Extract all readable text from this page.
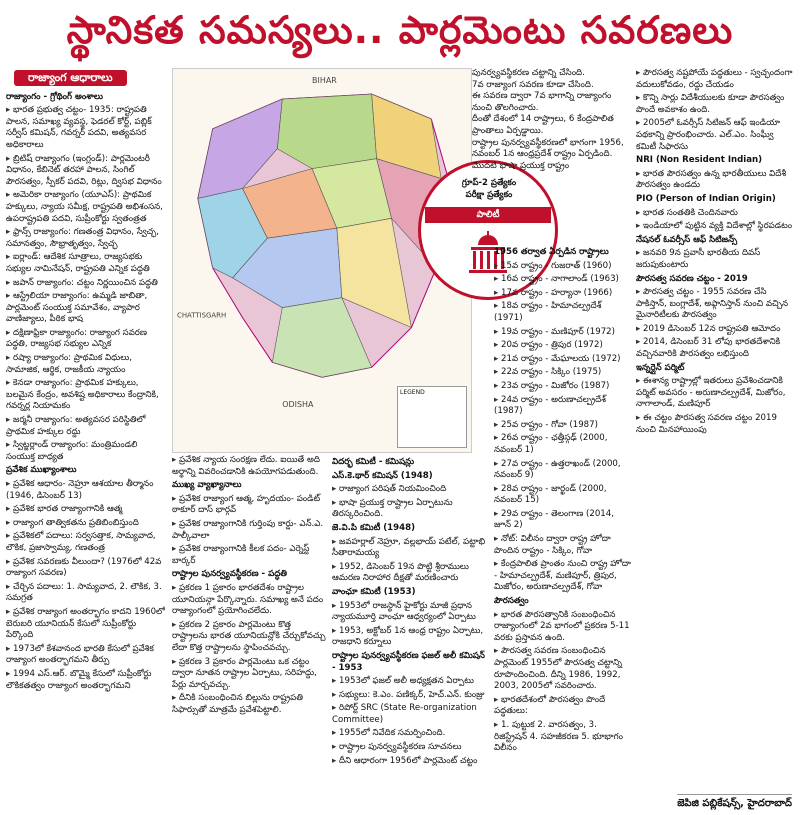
స్థానికత సమస్యలు.. పార్లమెంటు సవరణలు
రాజ్యాంగ ఆధారాలు

రాజ్యాంగం - గ్రోథింగ్ అంశాలు

▸ భారత ప్రభుత్వ చట్టం- 1935: రాష్ట్రపతి పాలన, సమాఖ్య వ్యవస్థ, ఫెడరల్ కోర్ట్, పబ్లిక్ సర్వీస్ కమిషన్, గవర్నర్ పదవి, అత్యవసర అధికారాలు

▸ బ్రిటిష్ రాజ్యాంగం (ఇంగ్లండ్): పార్లమెంటరీ విధానం, కేబినెట్ తరహా పాలన, సింగిల్ పౌరసత్వం, స్పీకర్ పదవి, రిట్లు, ద్విసభ విధానం

▸ అమెరికా రాజ్యాంగం (యూఎస్): ప్రాథమిక హక్కులు, న్యాయ సమీక్ష, రాష్ట్రపతి అభిశంసన, ఉపరాష్ట్రపతి పదవి, సుప్రీంకోర్టు స్వతంత్రత

▸ ఫ్రాన్స్ రాజ్యాంగం: గణతంత్ర విధానం, స్వేచ్ఛ, సమానత్వం, సౌభ్రాతృత్వం, స్వేచ్ఛ

▸ ఐర్లాండ్: ఆదేశిక సూత్రాలు, రాజ్యసభకు సభ్యుల నామినేషన్, రాష్ట్రపతి ఎన్నిక పద్ధతి

▸ జపాన్ రాజ్యాంగం: చట్టం నిర్ణయించిన పద్ధతి

▸ ఆస్ట్రేలియా రాజ్యాంగం: ఉమ్మడి జాబితా, పార్లమెంట్ సంయుక్త సమావేశం, వ్యాపార వాణిజ్యాలు, పీఠిక భాష

▸ దక్షిణాఫ్రికా రాజ్యాంగం: రాజ్యాంగ సవరణ పద్ధతి, రాజ్యసభ సభ్యుల ఎన్నిక

▸ రష్యా రాజ్యాంగం: ప్రాథమిక విధులు, సామాజిక, ఆర్థిక, రాజకీయ న్యాయం

▸ కెనడా రాజ్యాంగం: ప్రాథమిక హక్కులు, బలమైన కేంద్రం, అవశిష్ట అధికారాలు కేంద్రానికి, గవర్నర్ల నియామకం

▸ జర్మనీ రాజ్యాంగం: అత్యవసర పరిస్థితిలో ప్రాథమిక హక్కుల రద్దు

▸ స్విట్జర్లాండ్ రాజ్యాంగం: మంత్రిమండలి సంయుక్త బాధ్యత

ప్రవేశిక ముఖ్యాంశాలు

▸ ప్రవేశిక ఆధారం- నెహ్రూ ఆశయాల తీర్మానం (1946, డిసెంబర్ 13)

▸ ప్రవేశిక భారత రాజ్యాంగానికి ఆత్మ

▸ రాజ్యాంగ తాత్వికతను ప్రతిబింబిస్తుంది

▸ ప్రవేశికలో పదాలు: సర్వసత్తాక, సామ్యవాద, లౌకిక, ప్రజాస్వామ్య, గణతంత్ర

▸ ప్రవేశిక సవరణకు వీలుందా? (1976లో 42వ రాజ్యాంగ సవరణ)

▸ చేర్చిన పదాలు: 1. సామ్యవాద, 2. లౌకిక, 3. సమగ్రత

▸ ప్రవేశిక రాజ్యాంగ అంతర్భాగం కాదని 1960లో బెరుబరి యూనియన్ కేసులో సుప్రీంకోర్టు పేర్కొంది

▸ 1973లో కేశవానంద భారతి కేసులో ప్రవేశిక రాజ్యాంగ అంతర్భాగమని తీర్పు

▸ 1994 ఎస్.ఆర్. బొమ్మై కేసులో సుప్రీంకోర్టు లౌకికతత్వం రాజ్యాంగ అంతర్భాగమని

BIHAR
ODISHA
CHATTISGARH
LEGEND
గ్రూప్-2 ప్రత్యేకం
పరీక్షా ప్రత్యేకం
పాలిటీ

పునర్వ్యవస్థీకరణ చట్టాన్ని చేసింది.

7వ రాజ్యాంగ సవరణ కూడా చేసింది.

ఈ సవరణ ద్వారా 7వ భాగాన్ని రాజ్యాంగం నుంచి తొలగించారు.

దీంతో దేశంలో 14 రాష్ట్రాలు, 6 కేంద్రపాలిత ప్రాంతాలు ఏర్పడ్డాయి.

రాష్ట్రాల పునర్వ్యవస్థీకరణలో భాగంగా 1956, నవంబర్ 1న ఆంధ్రప్రదేశ్ రాష్ట్రం ఏర్పడింది.

మొదటి భాషా ప్రయుక్త రాష్ట్రం

▸ ప్రవేశిక న్యాయ సంరక్షణ లేదు. ఐయితే అది అర్థాన్ని వివరించడానికి ఉపయోగపడుతుంది.

ముఖ్య వ్యాఖ్యానాలు

▸ ప్రవేశిక రాజ్యాంగ ఆత్మ, హృదయం- పండిట్ ఠాకూర్ దాస్ భార్గవ్

▸ ప్రవేశిక రాజ్యాంగానికి గుర్తింపు కార్డు- ఎన్.ఎ. పాల్కీవాలా

▸ ప్రవేశిక రాజ్యాంగానికి కీలక పదం- ఎర్నెస్ట్ బార్కర్

రాష్ట్రాల పునర్వ్యవస్థీకరణ - పద్ధతి

▸ ప్రకరణ 1 ప్రకారం భారతదేశం రాష్ట్రాల యూనియన్గా పేర్కొన్నారు. సమాఖ్య అనే పదం రాజ్యాంగంలో ప్రయోగించలేదు.

▸ ప్రకరణ 2 ప్రకారం పార్లమెంటు కొత్త రాష్ట్రాలను భారత యూనియన్లోకి చేర్చుకోవచ్చు లేదా కొత్త రాష్ట్రాలను స్థాపించవచ్చు.

▸ ప్రకరణ 3 ప్రకారం పార్లమెంటు ఒక చట్టం ద్వారా నూతన రాష్ట్రాల ఏర్పాటు, సరిహద్దు, పేర్లు మార్చవచ్చు.

▸ దీనికి సంబంధించిన బిల్లును రాష్ట్రపతి సిఫార్సుతో మాత్రమే ప్రవేశపెట్టాలి.

విదర్భ కమిటీ - కమిషన్లు

ఎస్.కె.థార్ కమిషన్ (1948)

▸ రాజ్యాంగ పరిషత్ నియమించింది

▸ భాషా ప్రయుక్త రాష్ట్రాల ఏర్పాటును తిరస్కరించింది.

జె.వి.పి కమిటీ (1948)

▸ జవహర్లాల్ నెహ్రూ, వల్లభాయ్ పటేల్, పట్టాభి సీతారామయ్య

▸ 1952, డిసెంబర్ 19న పొట్టి శ్రీరాములు ఆమరణ నిరాహార దీక్షతో మరణించారు

వాంఛూ కమిటీ (1953)

▸ 1953లో రాజస్థాన్ హైకోర్టు మాజీ ప్రధాన న్యాయమూర్తి వాంఛూ ఆధ్వర్యంలో ఏర్పాటు

▸ 1953, అక్టోబర్ 1న ఆంధ్ర రాష్ట్రం ఏర్పాటు, రాజధాని కర్నూలు

రాష్ట్రాల పునర్వ్యవస్థీకరణ ఫజల్ అలీ కమిషన్ - 1953

▸ 1953లో ఫజల్ అలీ అధ్యక్షతన ఏర్పాటు

▸ సభ్యులు: కె.ఎం. పణిక్కర్, హెచ్.ఎన్. కుంజ్రు

▸ రిపోర్ట్ SRC (State Re-organization Committee)

▸ 1955లో నివేదిక సమర్పించింది.

▸ రాష్ట్రాల పునర్వ్యవస్థీకరణ సూచనలు

▸ దీని ఆధారంగా 1956లో పార్లమెంట్ చట్టం

1956 తర్వాత ఏర్పడిన రాష్ట్రాలు

▸ 15వ రాష్ట్రం - గుజరాత్ (1960)

▸ 16వ రాష్ట్రం - నాగాలాండ్ (1963)

▸ 17వ రాష్ట్రం - హర్యానా (1966)

▸ 18వ రాష్ట్రం - హిమాచల్ప్రదేశ్ (1971)

▸ 19వ రాష్ట్రం - మణిపూర్ (1972)

▸ 20వ రాష్ట్రం - త్రిపుర (1972)

▸ 21వ రాష్ట్రం - మేఘాలయ (1972)

▸ 22వ రాష్ట్రం - సిక్కిం (1975)

▸ 23వ రాష్ట్రం - మిజోరం (1987)

▸ 24వ రాష్ట్రం - అరుణాచల్ప్రదేశ్ (1987)

▸ 25వ రాష్ట్రం - గోవా (1987)

▸ 26వ రాష్ట్రం - ఛత్తీస్గఢ్ (2000, నవంబర్ 1)

▸ 27వ రాష్ట్రం - ఉత్తరాఖండ్ (2000, నవంబర్ 9)

▸ 28వ రాష్ట్రం - జార్ఖండ్ (2000, నవంబర్ 15)

▸ 29వ రాష్ట్రం - తెలంగాణ (2014, జూన్ 2)

▸ నోట్: విలీనం ద్వారా రాష్ట్ర హోదా పొందిన రాష్ట్రం - సిక్కిం, గోవా

▸ కేంద్రపాలిత ప్రాంతం నుంచి రాష్ట్ర హోదా - హిమాచల్ప్రదేశ్, మణిపూర్, త్రిపుర, మిజోరం, అరుణాచల్ప్రదేశ్, గోవా

పౌరసత్వం

▸ భారత పౌరసత్వానికి సంబంధించిన రాజ్యాంగంలో 2వ భాగంలో ప్రకరణ 5-11 వరకు ప్రస్తావన ఉంది.

▸ పౌరసత్వ సవరణ సంబంధించిన పార్లమెంట్ 1955లో పౌరసత్వ చట్టాన్ని రూపొందించింది. దీన్ని 1986, 1992, 2003, 2005లో సవరించారు.

▸ భారతదేశంలో పౌరసత్వం పొందే పద్ధతులు:

▸ 1. పుట్టుక 2. వారసత్వం, 3. రిజిస్ట్రేషన్ 4. సహజీకరణ 5. భూభాగం విలీనం

▸ పౌరసత్వ నష్టపోయే పద్ధతులు - స్వచ్ఛందంగా వదులుకోవడం, రద్దు చేయడం

▸ కొన్ని సార్లు విదేశీయులకు కూడా పౌరసత్వం పొందే అవకాశం ఉంది.

▸ 2005లో ఓవర్సీస్ సిటిజన్ ఆఫ్ ఇండియా పథకాన్ని ప్రారంభించారు. ఎల్.ఎం. సింఘ్వీ కమిటీ సిఫారసు

NRI (Non Resident Indian)

▸ భారత పౌరసత్వం ఉన్న భారతీయులు విదేశీ పౌరసత్వం ఉండదు

PIO (Person of Indian Origin)

▸ భారత సంతతికి చెందినవారు

▸ ఇండియాలో పుట్టిన వ్యక్తి విదేశాల్లో స్థిరపడటం

నేషనల్ ఓవర్సీస్ ఆఫ్ సిటిజన్స్

▸ జనవరి 9న ప్రవాసీ భారతీయ దివస్ జరుపుకుంటారు

పౌరసత్వ సవరణ చట్టం - 2019

▸ పౌరసత్వ చట్టం - 1955 సవరణ చేసి పాకిస్తాన్, బంగ్లాదేశ్, అఫ్గానిస్తాన్ నుంచి వచ్చిన మైనారిటీలకు పౌరసత్వం

▸ 2019 డిసెంబర్ 12న రాష్ట్రపతి ఆమోదం

▸ 2014, డిసెంబర్ 31 లోపు భారతదేశానికి వచ్చినవారికి పౌరసత్వం లభిస్తుంది

ఇన్నర్లైన్ పర్మిట్

▸ ఈశాన్య రాష్ట్రాల్లో ఇతరులు ప్రవేశించడానికి పర్మిట్ అవసరం - అరుణాచల్ప్రదేశ్, మిజోరం, నాగాలాండ్, మణిపూర్

▸ ఈ చట్టం పౌరసత్వ సవరణ చట్టం 2019 నుంచి మినహాయింపు

జెపిజి పబ్లికేషన్స్, హైదరాబాద్
